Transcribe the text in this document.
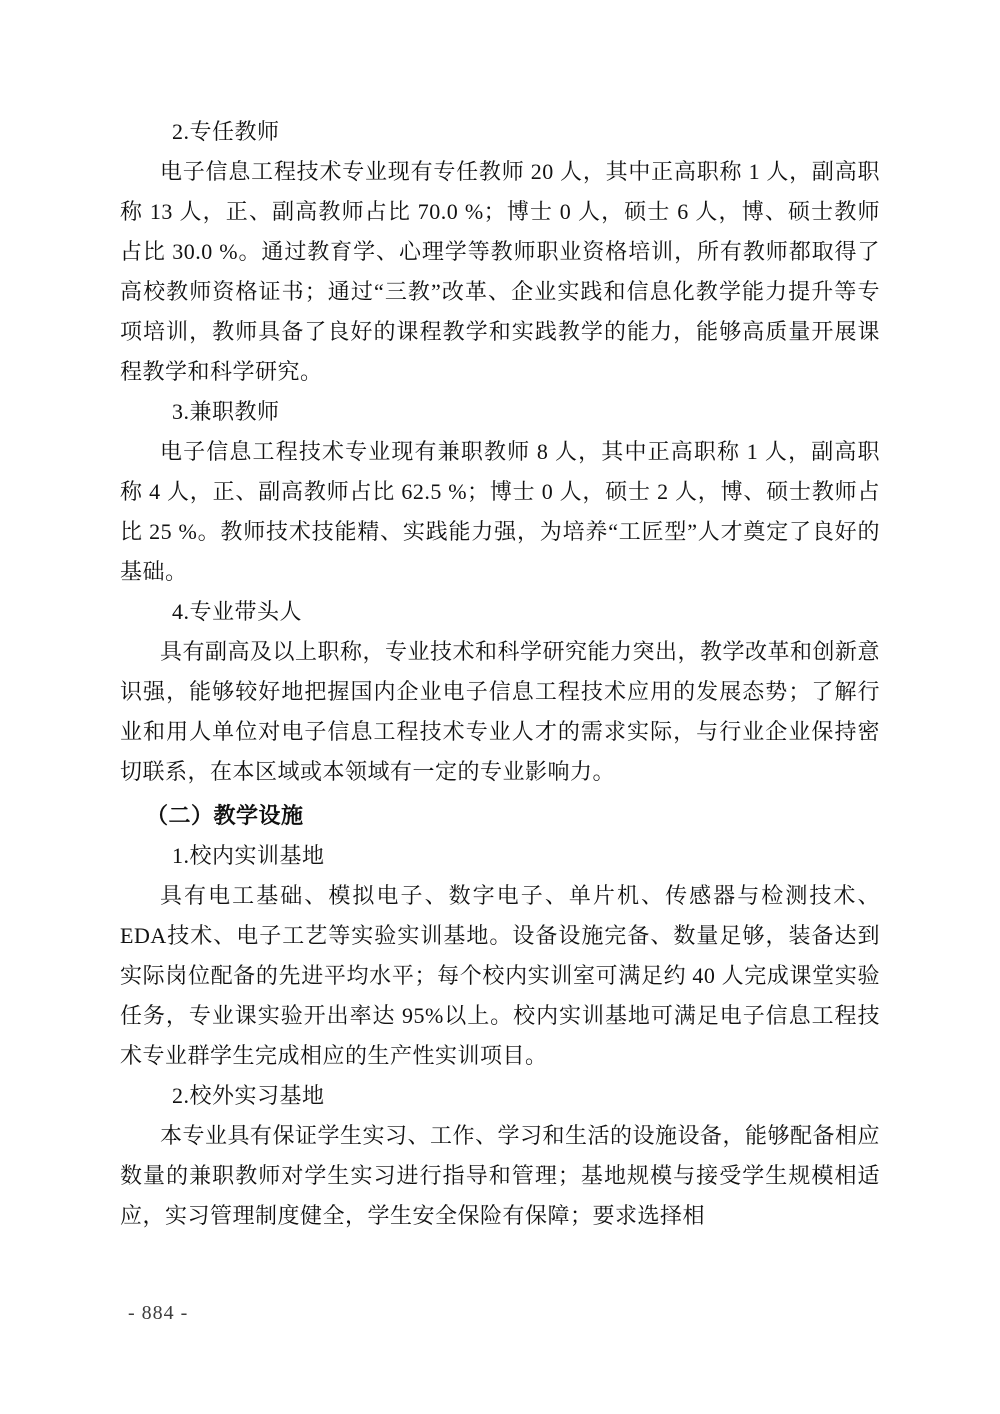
2.专任教师

电子信息工程技术专业现有专任教师 20 人，其中正高职称 1 人，副高职称 13 人，正、副高教师占比 70.0 %；博士 0 人，硕士 6 人，博、硕士教师占比 30.0 %。通过教育学、心理学等教师职业资格培训，所有教师都取得了高校教师资格证书；通过“三教”改革、企业实践和信息化教学能力提升等专项培训，教师具备了良好的课程教学和实践教学的能力，能够高质量开展课程教学和科学研究。

3.兼职教师

电子信息工程技术专业现有兼职教师 8 人，其中正高职称 1 人，副高职称 4 人，正、副高教师占比 62.5 %；博士 0 人，硕士 2 人，博、硕士教师占比 25 %。教师技术技能精、实践能力强，为培养“工匠型”人才奠定了良好的基础。

4.专业带头人

具有副高及以上职称，专业技术和科学研究能力突出，教学改革和创新意识强，能够较好地把握国内企业电子信息工程技术应用的发展态势；了解行业和用人单位对电子信息工程技术专业人才的需求实际，与行业企业保持密切联系，在本区域或本领域有一定的专业影响力。

（二）教学设施

1.校内实训基地

具有电工基础、模拟电子、数字电子、单片机、传感器与检测技术、EDA技术、电子工艺等实验实训基地。设备设施完备、数量足够，装备达到实际岗位配备的先进平均水平；每个校内实训室可满足约 40 人完成课堂实验任务，专业课实验开出率达 95%以上。校内实训基地可满足电子信息工程技术专业群学生完成相应的生产性实训项目。

2.校外实习基地

本专业具有保证学生实习、工作、学习和生活的设施设备，能够配备相应数量的兼职教师对学生实习进行指导和管理；基地规模与接受学生规模相适应，实习管理制度健全，学生安全保险有保障；要求选择相

- 884 -
